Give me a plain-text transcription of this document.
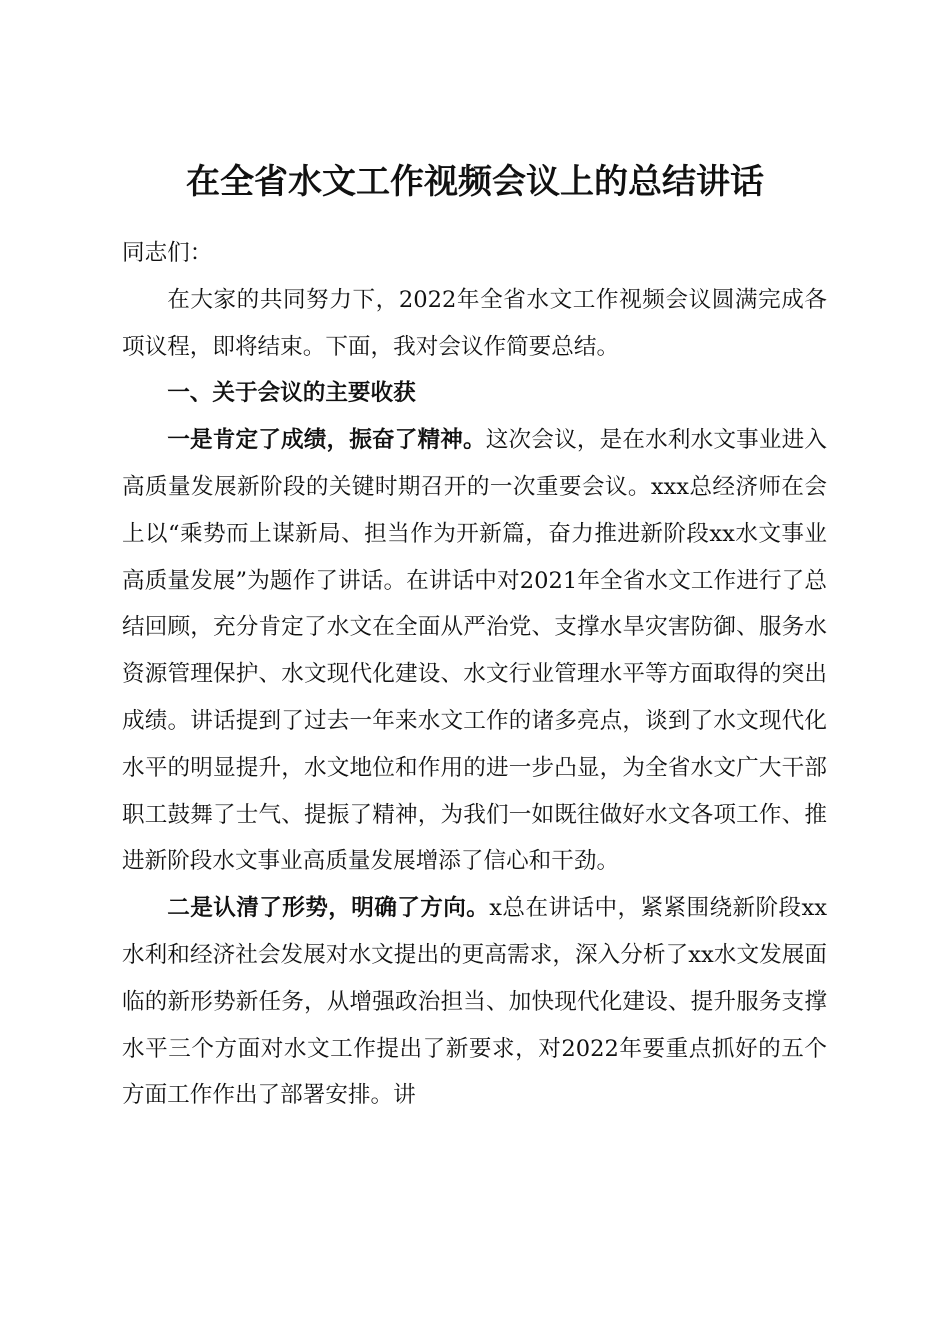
在全省水文工作视频会议上的总结讲话

同志们：

在大家的共同努力下，2022年全省水文工作视频会议圆满完成各项议程，即将结束。下面，我对会议作简要总结。

一、关于会议的主要收获

一是肯定了成绩，振奋了精神。这次会议，是在水利水文事业进入高质量发展新阶段的关键时期召开的一次重要会议。xxx总经济师在会上以“乘势而上谋新局、担当作为开新篇，奋力推进新阶段xx水文事业高质量发展”为题作了讲话。在讲话中对2021年全省水文工作进行了总结回顾，充分肯定了水文在全面从严治党、支撑水旱灾害防御、服务水资源管理保护、水文现代化建设、水文行业管理水平等方面取得的突出成绩。讲话提到了过去一年来水文工作的诸多亮点，谈到了水文现代化水平的明显提升，水文地位和作用的进一步凸显，为全省水文广大干部职工鼓舞了士气、提振了精神，为我们一如既往做好水文各项工作、推进新阶段水文事业高质量发展增添了信心和干劲。

二是认清了形势，明确了方向。x总在讲话中，紧紧围绕新阶段xx水利和经济社会发展对水文提出的更高需求，深入分析了xx水文发展面临的新形势新任务，从增强政治担当、加快现代化建设、提升服务支撑水平三个方面对水文工作提出了新要求，对2022年要重点抓好的五个方面工作作出了部署安排。讲
